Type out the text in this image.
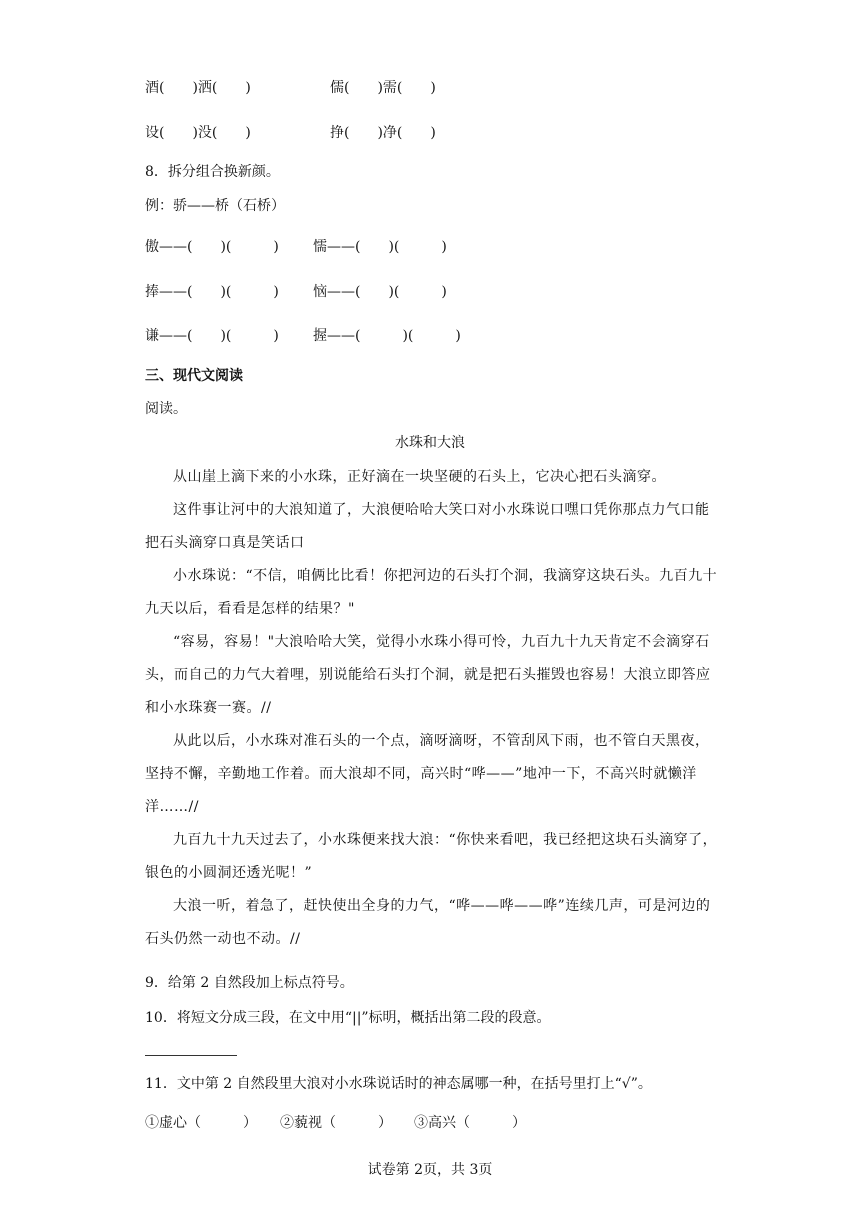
酒(　　)洒(　　)	儒(　　)需(　　)
设(　　)没(　　)	挣(　　)净(　　)
8．拆分组合换新颜。
例：骄——桥（石桥）
傲——(　　)(　　　) 懦——(　　)(　　　)
捧——(　　)(　　　) 恼——(　　)(　　　)
谦——(　　)(　　　) 握——(　　　)(　　　)
三、现代文阅读
阅读。
水珠和大浪

从山崖上滴下来的小水珠，正好滴在一块坚硬的石头上，它决心把石头滴穿。

这件事让河中的大浪知道了，大浪便哈哈大笑口对小水珠说口嘿口凭你那点力气口能把石头滴穿口真是笑话口

小水珠说：“不信，咱俩比比看！你把河边的石头打个洞，我滴穿这块石头。九百九十九天以后，看看是怎样的结果？"

“容易，容易！"大浪哈哈大笑，觉得小水珠小得可怜，九百九十九天肯定不会滴穿石头，而自己的力气大着哩，别说能给石头打个洞，就是把石头摧毁也容易！大浪立即答应和小水珠赛一赛。//

从此以后，小水珠对准石头的一个点，滴呀滴呀，不管刮风下雨，也不管白天黑夜，坚持不懈，辛勤地工作着。而大浪却不同，高兴时“哗——”地冲一下，不高兴时就懒洋洋……//

九百九十九天过去了，小水珠便来找大浪：“你快来看吧，我已经把这块石头滴穿了，银色的小圆洞还透光呢！”

大浪一听，着急了，赶快使出全身的力气，“哗——哗——哗”连续几声，可是河边的石头仍然一动也不动。//

9．给第 2 自然段加上标点符号。
10．将短文分成三段，在文中用“||”标明，概括出第二段的段意。
11．文中第 2 自然段里大浪对小水珠说话时的神态属哪一种，在括号里打上“√”。
①虚心（　　　） ②藐视（　　　） ③高兴（　　　）
试卷第 2页，共 3页
